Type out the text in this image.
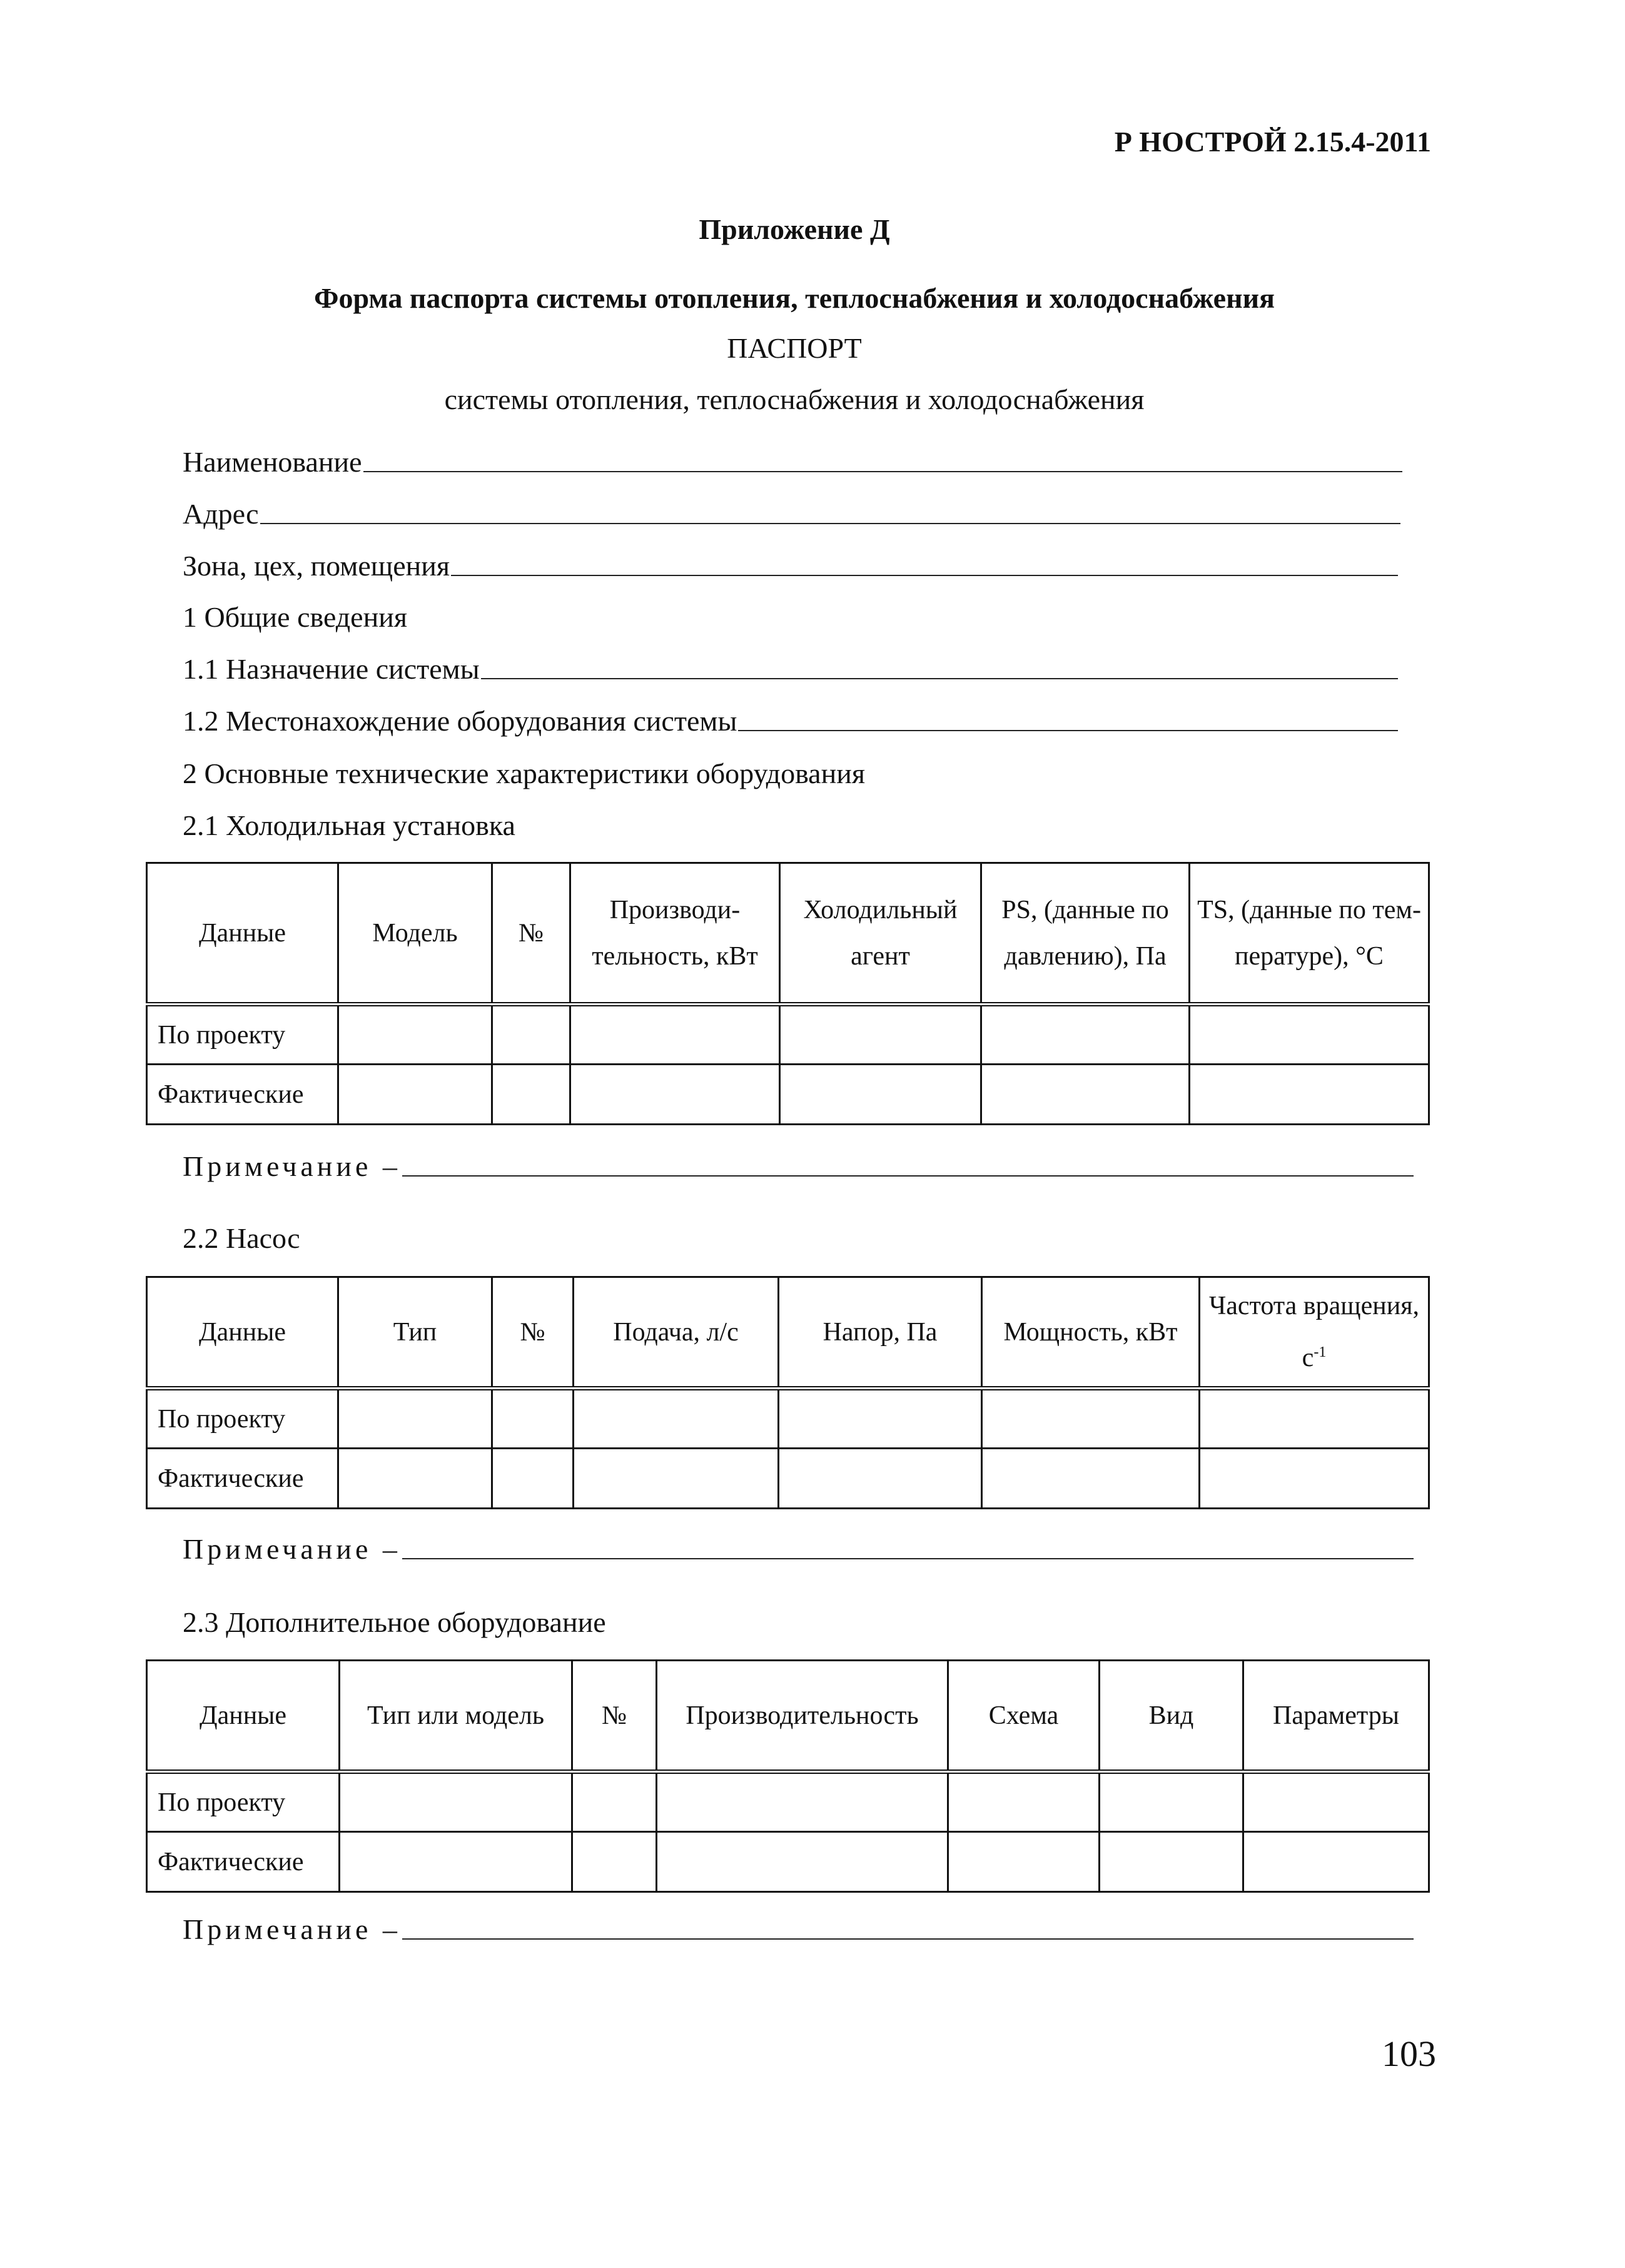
Р НОСТРОЙ 2.15.4-2011
Приложение Д
Форма паспорта системы отопления, теплоснабжения и холодоснабжения
ПАСПОРТ
системы отопления, теплоснабжения и холодоснабжения
Наименование
Адрес
Зона, цех, помещения
1 Общие сведения
1.1 Назначение системы
1.2 Местонахождение оборудования системы
2 Основные технические характеристики оборудования
2.1 Холодильная установка
Данные	Модель	№	Производи-тельность, кВт	Холодильный агент	PS, (данные по давлению), Па	TS, (данные по тем-пературе), °С
По проекту						
Фактические						
Примечание –
2.2 Насос
Данные	Тип	№	Подача, л/с	Напор, Па	Мощность, кВт	Частота вращения, $с^{-1}$
По проекту						
Фактические						
Примечание –
2.3 Дополнительное оборудование
Данные	Тип или модель	№	Производительность	Схема	Вид	Параметры
По проекту						
Фактические						
Примечание –
103
